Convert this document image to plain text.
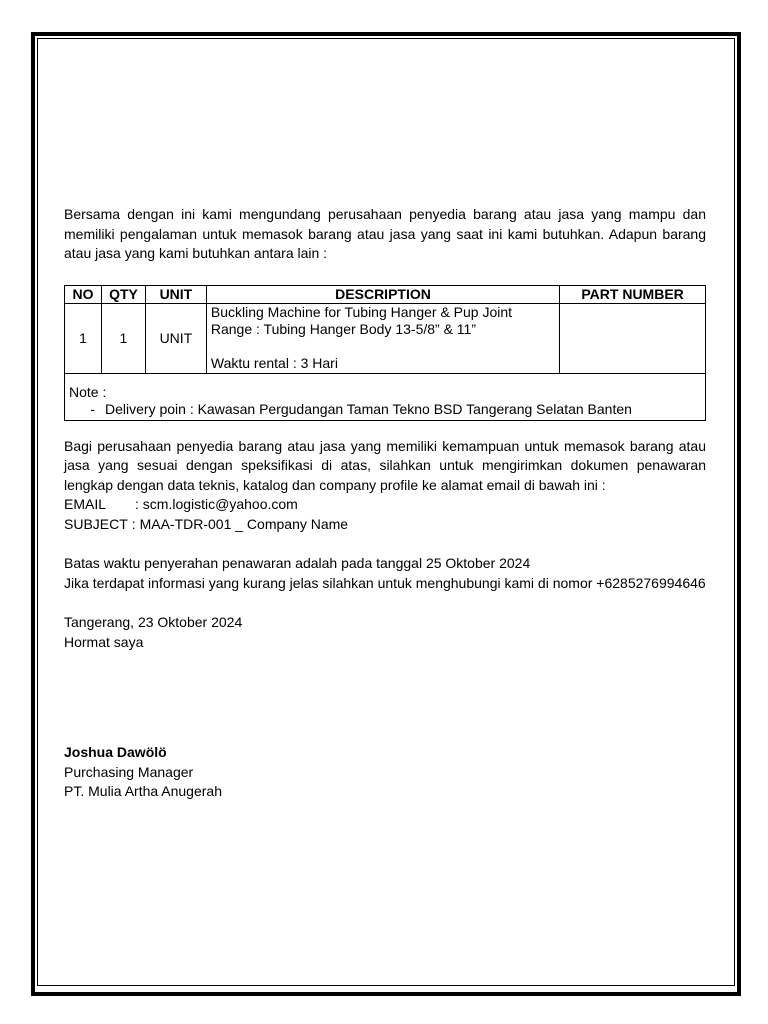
Bersama dengan ini kami mengundang perusahaan penyedia barang atau jasa yang mampu dan memiliki pengalaman untuk memasok barang atau jasa yang saat ini kami butuhkan. Adapun barang atau jasa yang kami butuhkan antara lain :

NO	QTY	UNIT	DESCRIPTION	PART NUMBER
1	1	UNIT	Buckling Machine for Tubing Hanger & Pup Joint
Range : Tubing Hanger Body 13-5/8” & 11”
Waktu rental : 3 Hari	

Note :
- Delivery poin : Kawasan Pergudangan Taman Tekno BSD Tangerang Selatan Banten				

Bagi perusahaan penyedia barang atau jasa yang memiliki kemampuan untuk memasok barang atau jasa yang sesuai dengan speksifikasi di atas, silahkan untuk mengirimkan dokumen penawaran lengkap dengan data teknis, katalog dan company profile ke alamat email di bawah ini :

EMAIL	: scm.logistic@yahoo.com
SUBJECT : MAA-TDR-001 _ Company Name

Batas waktu penyerahan penawaran adalah pada tanggal 25 Oktober 2024

Jika terdapat informasi yang kurang jelas silahkan untuk menghubungi kami di nomor +6285276994646

Tangerang, 23 Oktober 2024

Hormat saya

Joshua Dawölö

Purchasing Manager

PT. Mulia Artha Anugerah
